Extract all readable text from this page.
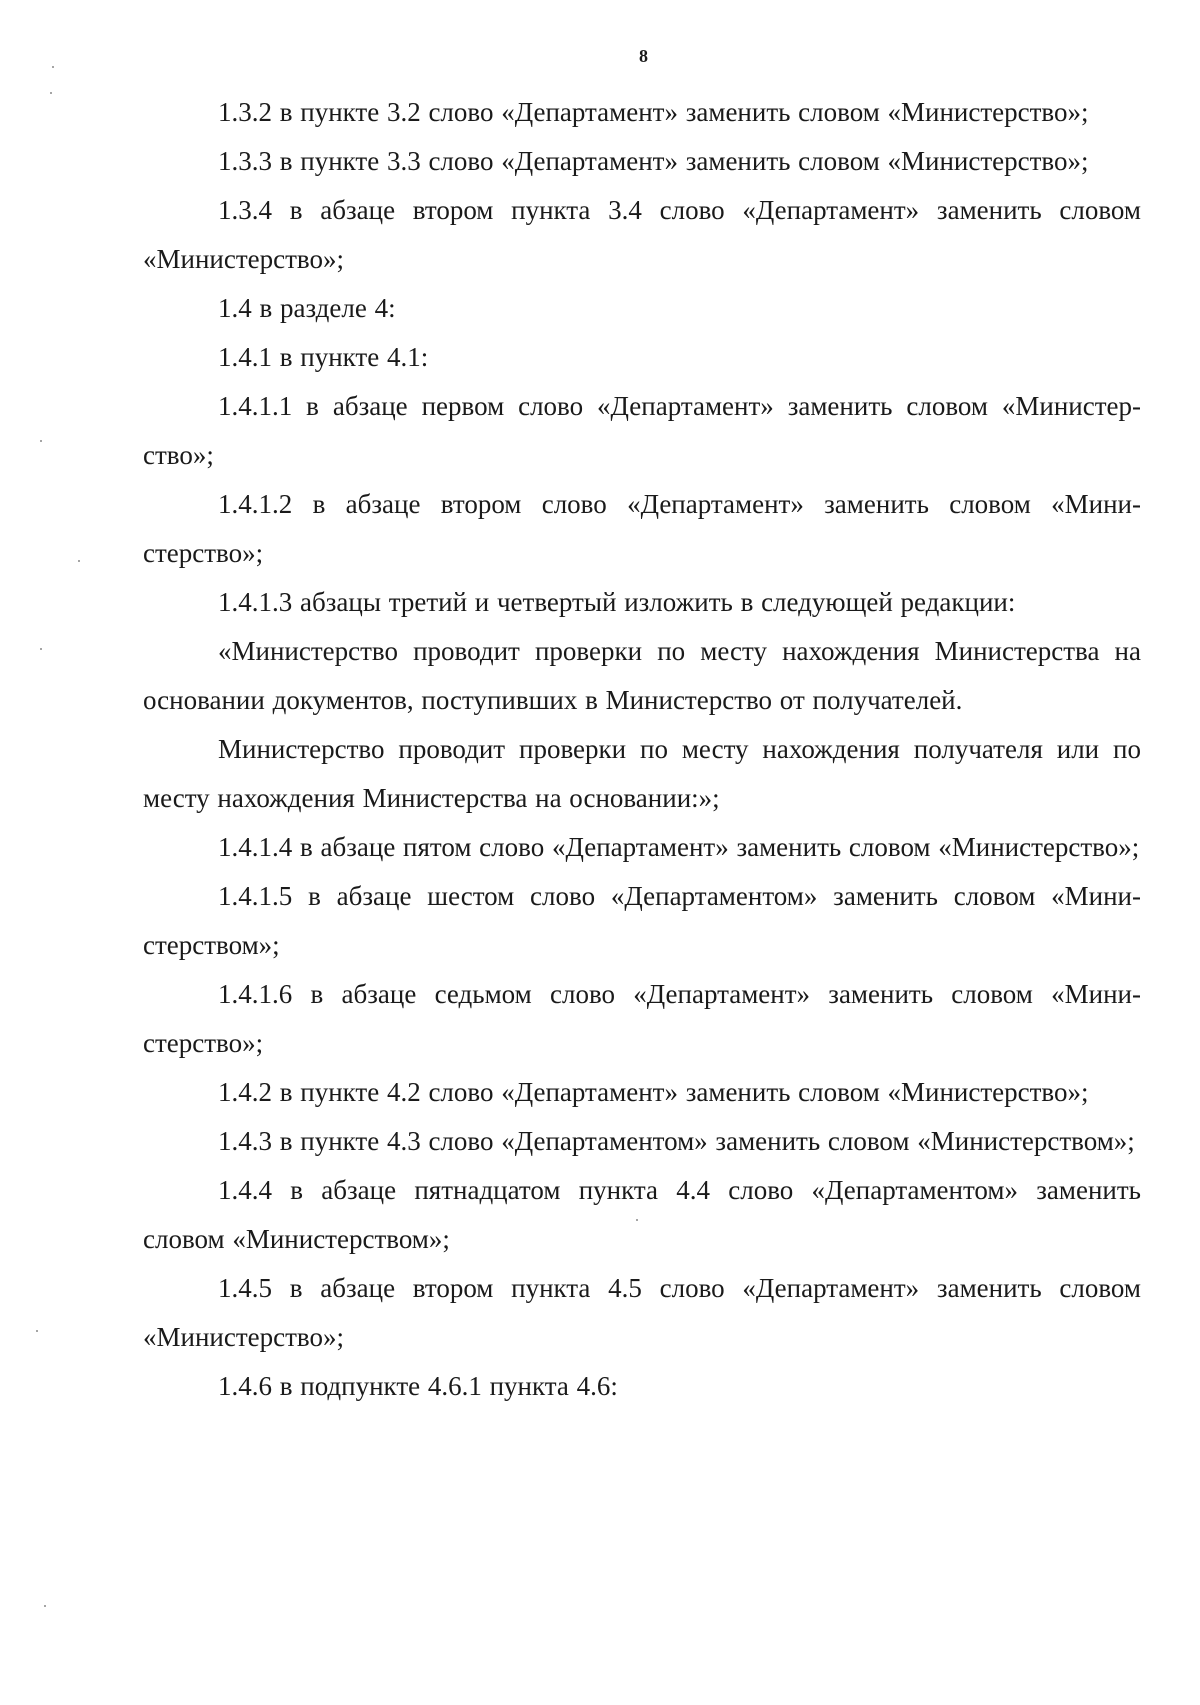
8

1.3.2 в пункте 3.2 слово «Департамент» заменить словом «Министерство»;

1.3.3 в пункте 3.3 слово «Департамент» заменить словом «Министерство»;

1.3.4 в абзаце втором пункта 3.4 слово «Департамент» заменить словом «Министерство»;

1.4 в разделе 4:

1.4.1 в пункте 4.1:

1.4.1.1 в абзаце первом слово «Департамент» заменить словом «Министерство»;

1.4.1.2 в абзаце втором слово «Департамент» заменить словом «Министерство»;

1.4.1.3 абзацы третий и четвертый изложить в следующей редакции:

«Министерство проводит проверки по месту нахождения Министерства на основании документов, поступивших в Министерство от получателей.

Министерство проводит проверки по месту нахождения получателя или по месту нахождения Министерства на основании:»;

1.4.1.4 в абзаце пятом слово «Департамент» заменить словом «Министерство»;

1.4.1.5 в абзаце шестом слово «Департаментом» заменить словом «Министерством»;

1.4.1.6 в абзаце седьмом слово «Департамент» заменить словом «Министерство»;

1.4.2 в пункте 4.2 слово «Департамент» заменить словом «Министерство»;

1.4.3 в пункте 4.3 слово «Департаментом» заменить словом «Министерством»;

1.4.4 в абзаце пятнадцатом пункта 4.4 слово «Департаментом» заменить словом «Министерством»;

1.4.5 в абзаце втором пункта 4.5 слово «Департамент» заменить словом «Министерство»;

1.4.6 в подпункте 4.6.1 пункта 4.6:
